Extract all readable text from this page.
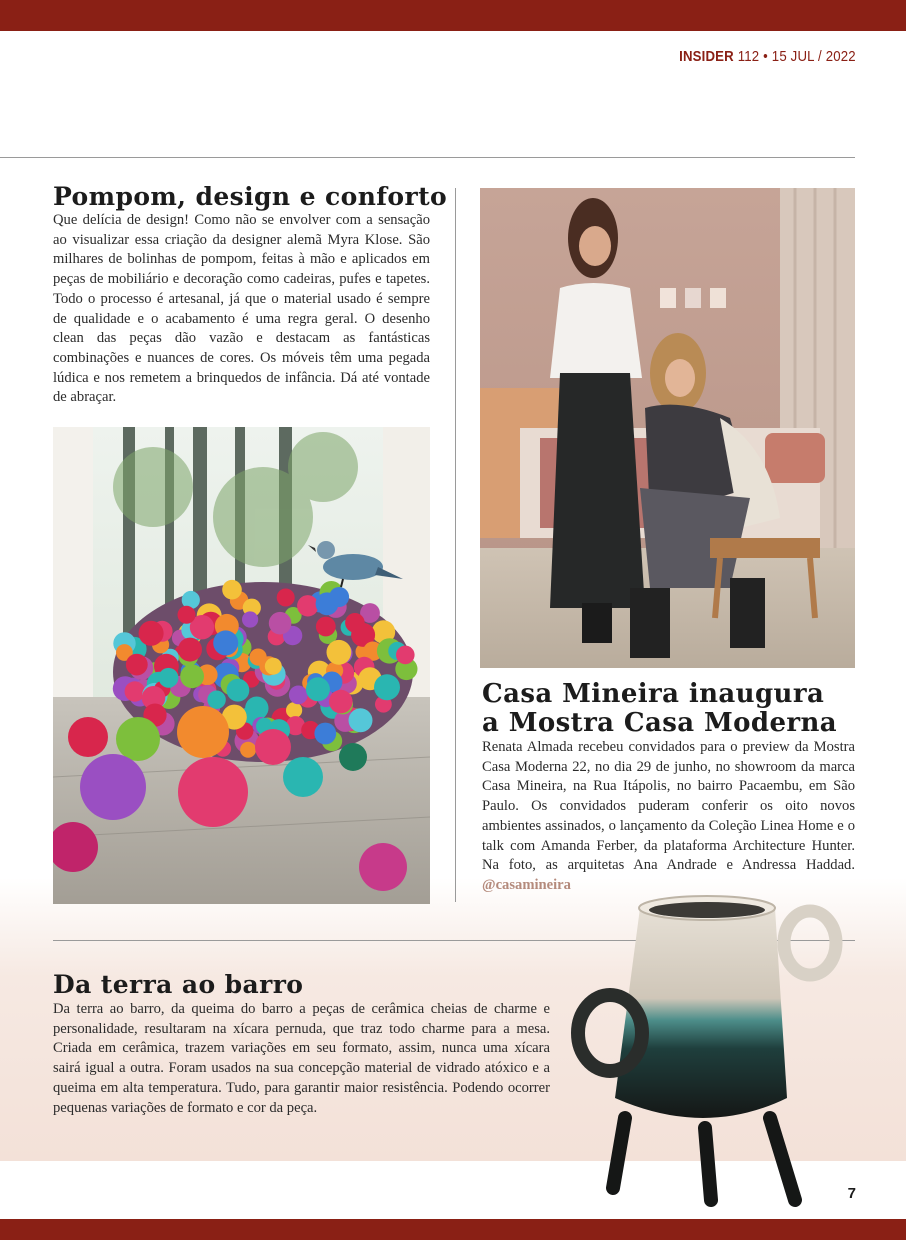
INSIDER 112 • 15 JUL / 2022
Pompom, design e conforto

Que delícia de design! Como não se envolver com a sensação ao visualizar essa criação da designer alemã Myra Klose. São milhares de bolinhas de pompom, feitas à mão e aplicados em peças de mobiliário e decoração como cadeiras, pufes e tapetes. Todo o processo é artesanal, já que o material usado é sempre de qualidade e o acabamento é uma regra geral. O desenho clean das peças dão vazão e destacam as fantásticas combinações e nuances de cores. Os móveis têm uma pegada lúdica e nos remetem a brinquedos de infância. Dá até vontade de abraçar.

Casa Mineira inaugura
a Mostra Casa Moderna

Renata Almada recebeu convidados para o preview da Mostra Casa Moderna 22, no dia 29 de junho, no showroom da marca Casa Mineira, na Rua Itápolis, no bairro Pacaembu, em São Paulo. Os convidados puderam conferir os oito novos ambientes assinados, o lançamento da Coleção Linea Home e o talk com Amanda Ferber, da plataforma Architecture Hunter. Na foto, as arquitetas Ana Andrade e Andressa Haddad. @casamineira

Da terra ao barro

Da terra ao barro, da queima do barro a peças de cerâmica cheias de charme e personalidade, resultaram na xícara pernuda, que traz todo charme para a mesa. Criada em cerâmica, trazem variações em seu formato, assim, nunca uma xícara sairá igual a outra. Foram usados na sua concepção material de vidrado atóxico e a queima em alta temperatura. Tudo, para garantir maior resistência. Podendo ocorrer pequenas variações de formato e cor da peça.

7
